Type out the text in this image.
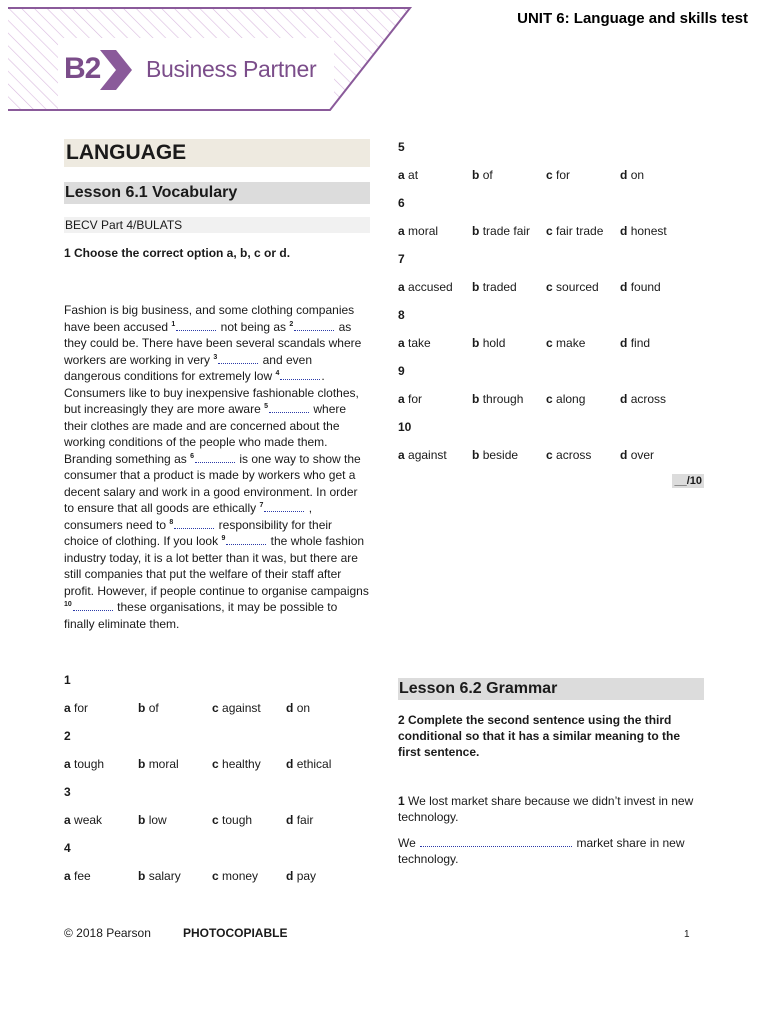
B2 Business Partner
UNIT 6: Language and skills test
LANGUAGE
Lesson 6.1 Vocabulary
BECV Part 4/BULATS
1 Choose the correct option a, b, c or d.
Fashion is big business, and some clothing companies have been accused $^1$	not being as $^2$	as they could be. There have been several scandals where workers are working in very $^3$	and even dangerous conditions for extremely low $^4$	. Consumers like to buy inexpensive fashionable clothes, but increasingly they are more aware $^5$	where their clothes are made and are concerned about the working conditions of the people who made them. Branding something as $^6$	is one way to show the consumer that a product is made by workers who get a decent salary and work in a good environment. In order to ensure that all goods are ethically $^7$	, consumers need to $^8$	responsibility for their choice of clothing. If you look $^9$	the whole fashion industry today, it is a lot better than it was, but there are still companies that put the welfare of their staff after profit. However, if people continue to organise campaigns $^{10}$	these organisations, it may be possible to finally eliminate them.
1
a for	b of	c against	d on
2
a tough	b moral	c healthy	d ethical
3
a weak	b low	c tough	d fair
4
a fee	b salary	c money	d pay
5
a at	b of	c for	d on
6
a moral	b trade fair	c fair trade	d honest
7
a accused	b traded	c sourced	d found
8
a take	b hold	c make	d find
9
a for	b through	c along	d across
10
a against	b beside	c across	d over
__/10
Lesson 6.2 Grammar
2 Complete the second sentence using the third conditional so that it has a similar meaning to the first sentence.
1 We lost market share because we didn’t invest in new technology.
We	market share in new technology.
© 2018 Pearson	PHOTOCOPIABLE	1
